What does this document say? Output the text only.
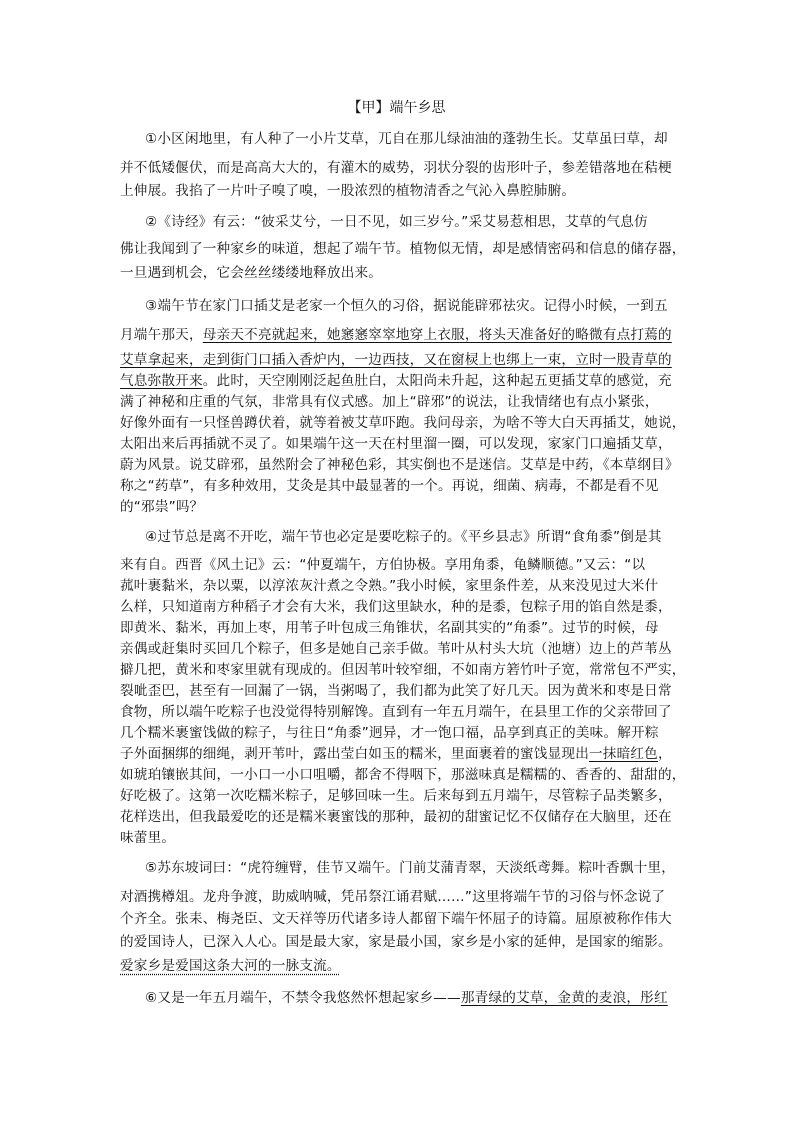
【甲】端午乡思
①小区闲地里，有人种了一小片艾草，兀自在那儿绿油油的蓬勃生长。艾草虽曰草，却
并不低矮偃伏，而是高高大大的，有灌木的威势，羽状分裂的齿形叶子，参差错落地在秸梗
上伸展。我掐了一片叶子嗅了嗅，一股浓烈的植物清香之气沁入鼻腔肺腑。
②《诗经》有云：“彼采艾兮，一日不见，如三岁兮。”采艾易惹相思，艾草的气息仿
佛让我闻到了一种家乡的味道，想起了端午节。植物似无情，却是感情密码和信息的储存器，
一旦遇到机会，它会丝丝缕缕地释放出来。
③端午节在家门口插艾是老家一个恒久的习俗，据说能辟邪祛灾。记得小时候，一到五
月端午那天，母亲天不亮就起来，她窸窸窣窣地穿上衣服，将头天准备好的略微有点打蔫的
艾草拿起来，走到街门口插入香炉内，一边西技，又在窗棂上也绑上一束，立时一股青草的
气息弥散开来。此时，天空刚刚泛起鱼肚白，太阳尚未升起，这种起五更插艾草的感觉，充
满了神秘和庄重的气氛，非常具有仪式感。加上“辟邪”的说法，让我情绪也有点小紧张，
好像外面有一只怪兽蹲伏着，就等着被艾草吓跑。我问母亲，为啥不等大白天再插艾，她说，
太阳出来后再插就不灵了。如果端午这一天在村里溜一圈，可以发现，家家门口遍插艾草，
蔚为风景。说艾辟邪，虽然附会了神秘色彩，其实倒也不是迷信。艾草是中药，《本草纲目》
称之“药草”，有多种效用，艾灸是其中最显著的一个。再说，细菌、病毒，不都是看不见
的“邪祟”吗？
④过节总是离不开吃，端午节也必定是要吃粽子的。《平乡县志》所谓“食角黍”倒是其
来有自。西晋《风土记》云：“仲夏端午，方伯协极。享用角黍，龟鳞顺德。”又云：“以
菰叶裹黏米，杂以粟，以淳浓灰汁煮之令熟。”我小时候，家里条件差，从来没见过大米什
么样，只知道南方种稻子才会有大米，我们这里缺水，种的是黍，包粽子用的馅自然是黍，
即黄米、黏米，再加上枣，用苇子叶包成三角锥状，名副其实的“角黍”。过节的时候，母
亲偶或赶集时买回几个粽子，但多是她自己亲手做。苇叶从村头大坑（池塘）边上的芦苇丛
擗几把，黄米和枣家里就有现成的。但因苇叶较窄细，不如南方箬竹叶子宽，常常包不严实，
裂呲歪巴，甚至有一回漏了一锅，当粥喝了，我们都为此笑了好几天。因为黄米和枣是日常
食物，所以端午吃粽子也没觉得特别解馋。直到有一年五月端午，在县里工作的父亲带回了
几个糯米裹蜜饯做的粽子，与往日“角黍”迥异，才一饱口福，品享到真正的美味。解开粽
子外面捆绑的细绳，剥开苇叶，露出莹白如玉的糯米，里面裹着的蜜饯显现出一抹暗红色，
如琥珀镶嵌其间，一小口一小口咀嚼，都舍不得咽下，那滋味真是糯糯的、香香的、甜甜的，
好吃极了。这第一次吃糯米粽子，足够回味一生。后来每到五月端午，尽管粽子品类繁多，
花样迭出，但我最爱吃的还是糯米裹蜜饯的那种，最初的甜蜜记忆不仅储存在大脑里，还在
味蕾里。
⑤苏东坡词曰：“虎符缠臂，佳节又端午。门前艾蒲青翠，天淡纸鸢舞。粽叶香飘十里，
对酒携樽俎。龙舟争渡，助威呐喊，凭吊祭江诵君赋……”这里将端午节的习俗与怀念说了
个齐全。张耒、梅尧臣、文天祥等历代诸多诗人都留下端午怀屈子的诗篇。屈原被称作伟大
的爱国诗人，已深入人心。国是最大家，家是最小国，家乡是小家的延伸，是国家的缩影。
爱家乡是爱国这条大河的一脉支流。
⑥又是一年五月端午，不禁令我悠然怀想起家乡——那青绿的艾草，金黄的麦浪，彤红
